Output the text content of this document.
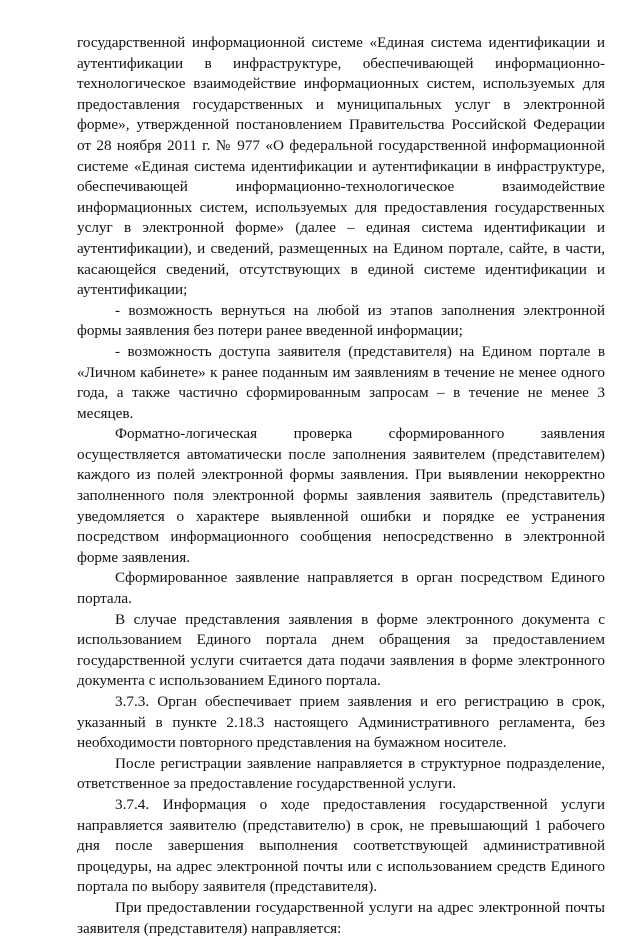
государственной информационной системе «Единая система идентификации и аутентификации в инфраструктуре, обеспечивающей информационно-технологическое взаимодействие информационных систем, используемых для предоставления государственных и муниципальных услуг в электронной форме», утвержденной постановлением Правительства Российской Федерации от 28 ноября 2011 г. № 977 «О федеральной государственной информационной системе «Единая система идентификации и аутентификации в инфраструктуре, обеспечивающей информационно-технологическое взаимодействие информационных систем, используемых для предоставления государственных услуг в электронной форме» (далее – единая система идентификации и аутентификации), и сведений, размещенных на Едином портале, сайте, в части, касающейся сведений, отсутствующих в единой системе идентификации и аутентификации;

- возможность вернуться на любой из этапов заполнения электронной формы заявления без потери ранее введенной информации;

- возможность доступа заявителя (представителя) на Едином портале в «Личном кабинете» к ранее поданным им заявлениям в течение не менее одного года, а также частично сформированным запросам – в течение не менее 3 месяцев.

Форматно-логическая проверка сформированного заявления осуществляется автоматически после заполнения заявителем (представителем) каждого из полей электронной формы заявления. При выявлении некорректно заполненного поля электронной формы заявления заявитель (представитель) уведомляется о характере выявленной ошибки и порядке ее устранения посредством информационного сообщения непосредственно в электронной форме заявления.

Сформированное заявление направляется в орган посредством Единого портала.

В случае представления заявления в форме электронного документа с использованием Единого портала днем обращения за предоставлением государственной услуги считается дата подачи заявления в форме электронного документа с использованием Единого портала.

3.7.3. Орган обеспечивает прием заявления и его регистрацию в срок, указанный в пункте 2.18.3 настоящего Административного регламента, без необходимости повторного представления на бумажном носителе.

После регистрации заявление направляется в структурное подразделение, ответственное за предоставление государственной услуги.

3.7.4. Информация о ходе предоставления государственной услуги направляется заявителю (представителю) в срок, не превышающий 1 рабочего дня после завершения выполнения соответствующей административной процедуры, на адрес электронной почты или с использованием средств Единого портала по выбору заявителя (представителя).

При предоставлении государственной услуги на адрес электронной почты заявителя (представителя) направляется:
